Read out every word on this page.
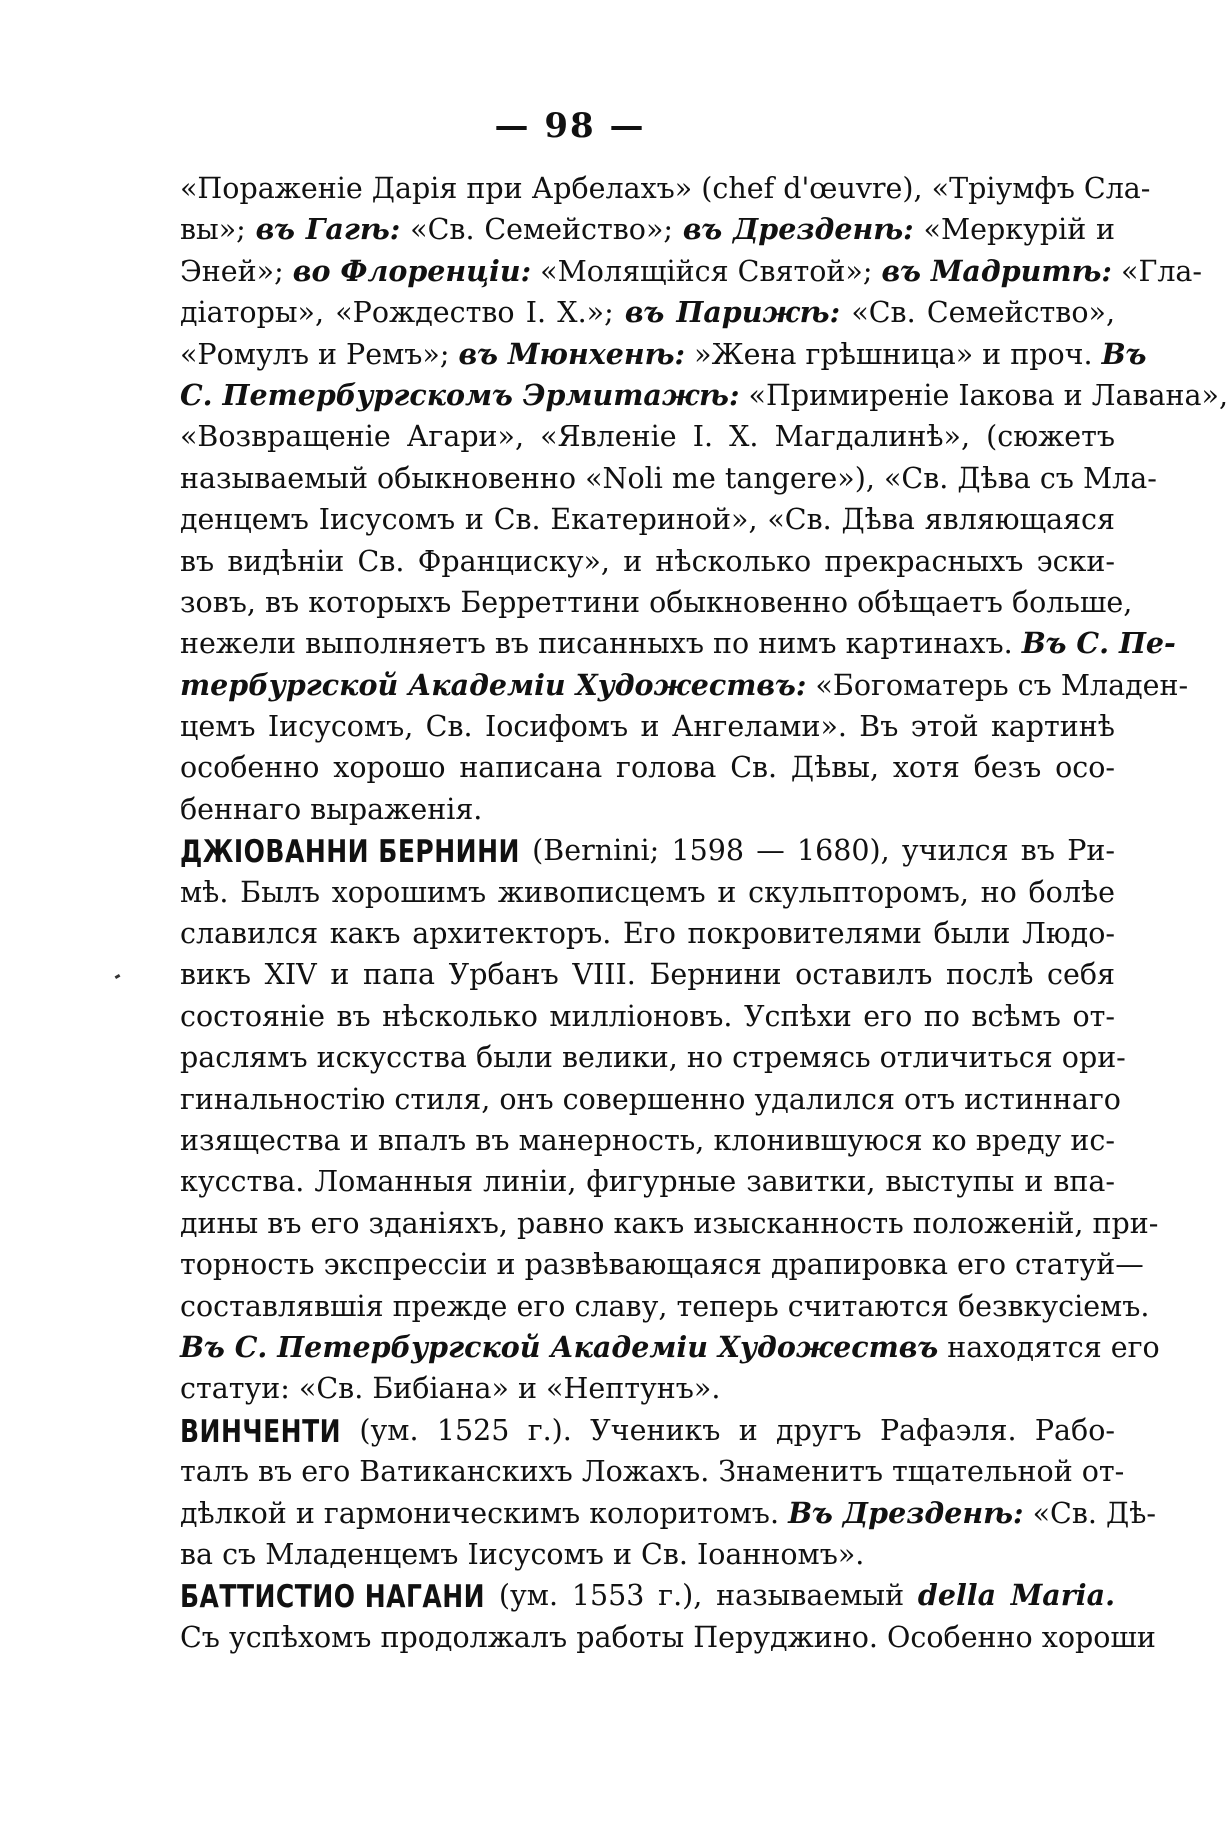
— 98 —
«Пораженіе Дарія при Арбелахъ» (chef d'œuvre), «Тріумфъ Сла-
вы»; въ Гагѣ: «Св. Семейство»; въ Дрезденѣ: «Меркурій и
Эней»; во Флоренціи: «Молящійся Святой»; въ Мадритѣ: «Гла-
діаторы», «Рождество І. Х.»; въ Парижѣ: «Св. Семейство»,
«Ромулъ и Ремъ»; въ Мюнхенѣ: »Жена грѣшница» и проч. Въ
С. Петербургскомъ Эрмитажѣ: «Примиреніе Іакова и Лавана»,
«Возвращеніе Агари», «Явленіе І. Х. Магдалинѣ», (сюжетъ
называемый обыкновенно «Noli me tangere»), «Св. Дѣва съ Мла-
денцемъ Іисусомъ и Св. Екатериной», «Св. Дѣва являющаяся
въ видѣніи Св. Франциску», и нѣсколько прекрасныхъ эски-
зовъ, въ которыхъ Берреттини обыкновенно обѣщаетъ больше,
нежели выполняетъ въ писанныхъ по нимъ картинахъ. Въ С. Пе-
тербургской Академіи Художествъ: «Богоматерь съ Младен-
цемъ Іисусомъ, Св. Іосифомъ и Ангелами». Въ этой картинѣ
особенно хорошо написана голова Св. Дѣвы, хотя безъ осо-
беннаго выраженія.
ДЖІОВАННИ БЕРНИНИ (Bernini; 1598 — 1680), учился въ Ри-
мѣ. Былъ хорошимъ живописцемъ и скульпторомъ, но болѣе
славился какъ архитекторъ. Его покровителями были Людо-
викъ XIV и папа Урбанъ VIII. Бернини оставилъ послѣ себя
состояніе въ нѣсколько милліоновъ. Успѣхи его по всѣмъ от-
раслямъ искусства были велики, но стремясь отличиться ори-
гинальностію стиля, онъ совершенно удалился отъ истиннаго
изящества и впалъ въ манерность, клонившуюся ко вреду ис-
кусства. Ломанныя линіи, фигурные завитки, выступы и впа-
дины въ его зданіяхъ, равно какъ изысканность положеній, при-
торность экспрессіи и развѣвающаяся драпировка его статуй—
составлявшія прежде его славу, теперь считаются безвкусіемъ.
Въ С. Петербургской Академіи Художествъ находятся его
статуи: «Св. Бибіана» и «Нептунъ».
ВИНЧЕНТИ (ум. 1525 г.). Ученикъ и другъ Рафаэля. Рабо-
талъ въ его Ватиканскихъ Ложахъ. Знаменитъ тщательной от-
дѣлкой и гармоническимъ колоритомъ. Въ Дрезденѣ: «Св. Дѣ-
ва съ Младенцемъ Іисусомъ и Св. Іоанномъ».
БАТТИСТИО НАГАНИ (ум. 1553 г.), называемый della Maria.
Съ успѣхомъ продолжалъ работы Перуджино. Особенно хороши
